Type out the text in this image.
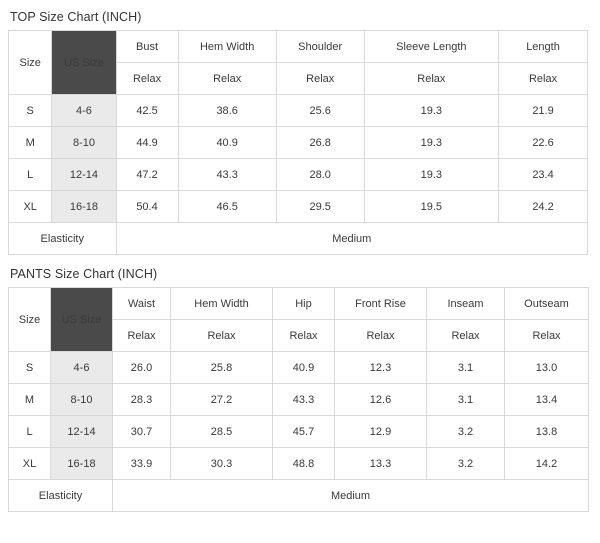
TOP Size Chart (INCH)
Size	US Size	Bust	Hem Width	Shoulder	Sleeve Length	Length
		Relax	Relax	Relax	Relax	Relax
S	4-6	42.5	38.6	25.6	19.3	21.9
M	8-10	44.9	40.9	26.8	19.3	22.6
L	12-14	47.2	43.3	28.0	19.3	23.4
XL	16-18	50.4	46.5	29.5	19.5	24.2
Elasticity		Medium				
PANTS Size Chart (INCH)
Size	US Size	Waist	Hem Width	Hip	Front Rise	Inseam	Outseam
		Relax	Relax	Relax	Relax	Relax	Relax
S	4-6	26.0	25.8	40.9	12.3	3.1	13.0
M	8-10	28.3	27.2	43.3	12.6	3.1	13.4
L	12-14	30.7	28.5	45.7	12.9	3.2	13.8
XL	16-18	33.9	30.3	48.8	13.3	3.2	14.2
Elasticity		Medium					
